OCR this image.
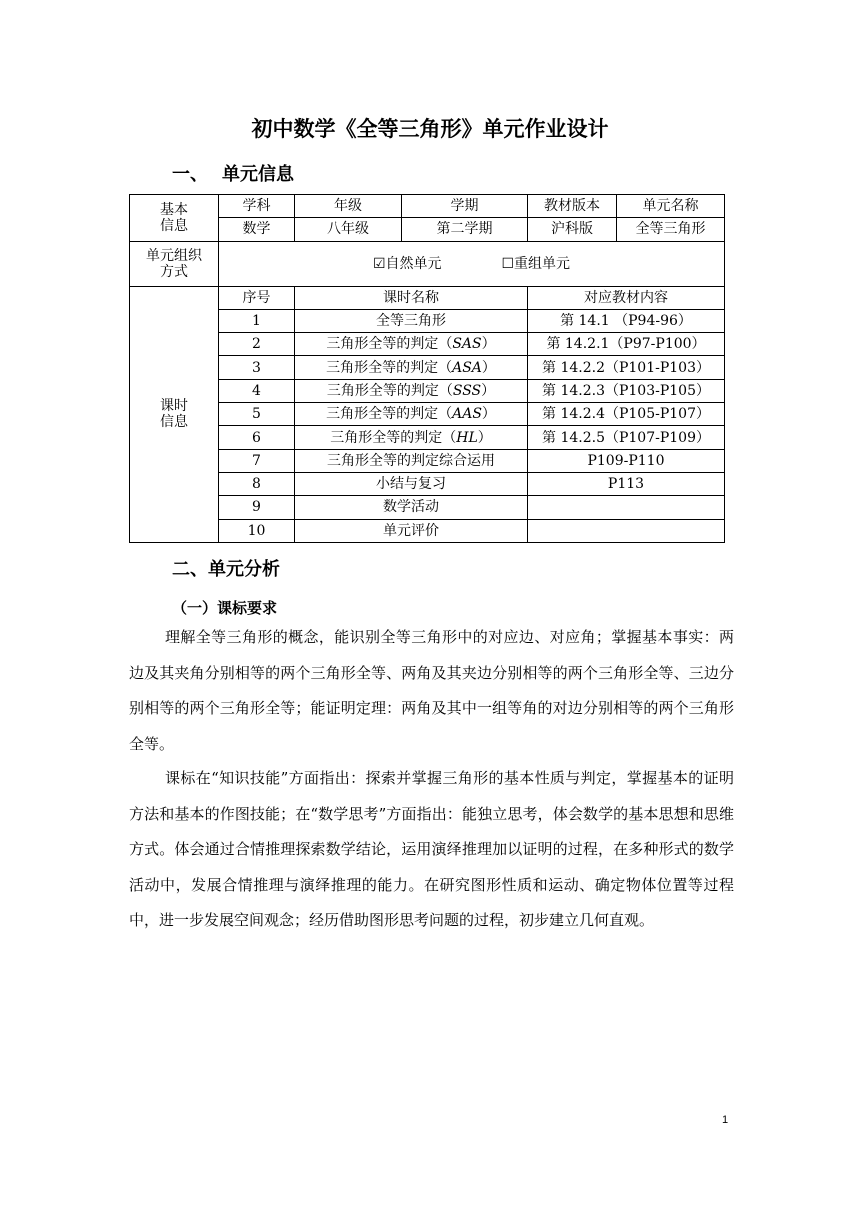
初中数学《全等三角形》单元作业设计
一、 单元信息
基本信息	学科	年级	学期	教材版本	单元名称
	数学	八年级	第二学期	沪科版	全等三角形
单元组织方式	☑自然单元 ☐重组单元				
课时信息	序号	课时名称		对应教材内容	
	1	全等三角形		第 14.1 （P94-96）	
	2	三角形全等的判定（SAS）		第 14.2.1（P97-P100）	
	3	三角形全等的判定（ASA）		第 14.2.2（P101-P103）	
	4	三角形全等的判定（SSS）		第 14.2.3（P103-P105）	
	5	三角形全等的判定（AAS）		第 14.2.4（P105-P107）	
	6	三角形全等的判定（HL）		第 14.2.5（P107-P109）	
	7	三角形全等的判定综合运用		P109-P110	
	8	小结与复习		P113	
	9	数学活动			
	10	单元评价			
二、单元分析
（一）课标要求
理解全等三角形的概念，能识别全等三角形中的对应边、对应角；掌握基本事实：两边及其夹角分别相等的两个三角形全等、两角及其夹边分别相等的两个三角形全等、三边分别相等的两个三角形全等；能证明定理：两角及其中一组等角的对边分别相等的两个三角形全等。
课标在“知识技能”方面指出：探索并掌握三角形的基本性质与判定，掌握基本的证明方法和基本的作图技能；在“数学思考”方面指出：能独立思考，体会数学的基本思想和思维方式。体会通过合情推理探索数学结论，运用演绎推理加以证明的过程，在多种形式的数学活动中，发展合情推理与演绎推理的能力。在研究图形性质和运动、确定物体位置等过程中，进一步发展空间观念；经历借助图形思考问题的过程，初步建立几何直观。
1
